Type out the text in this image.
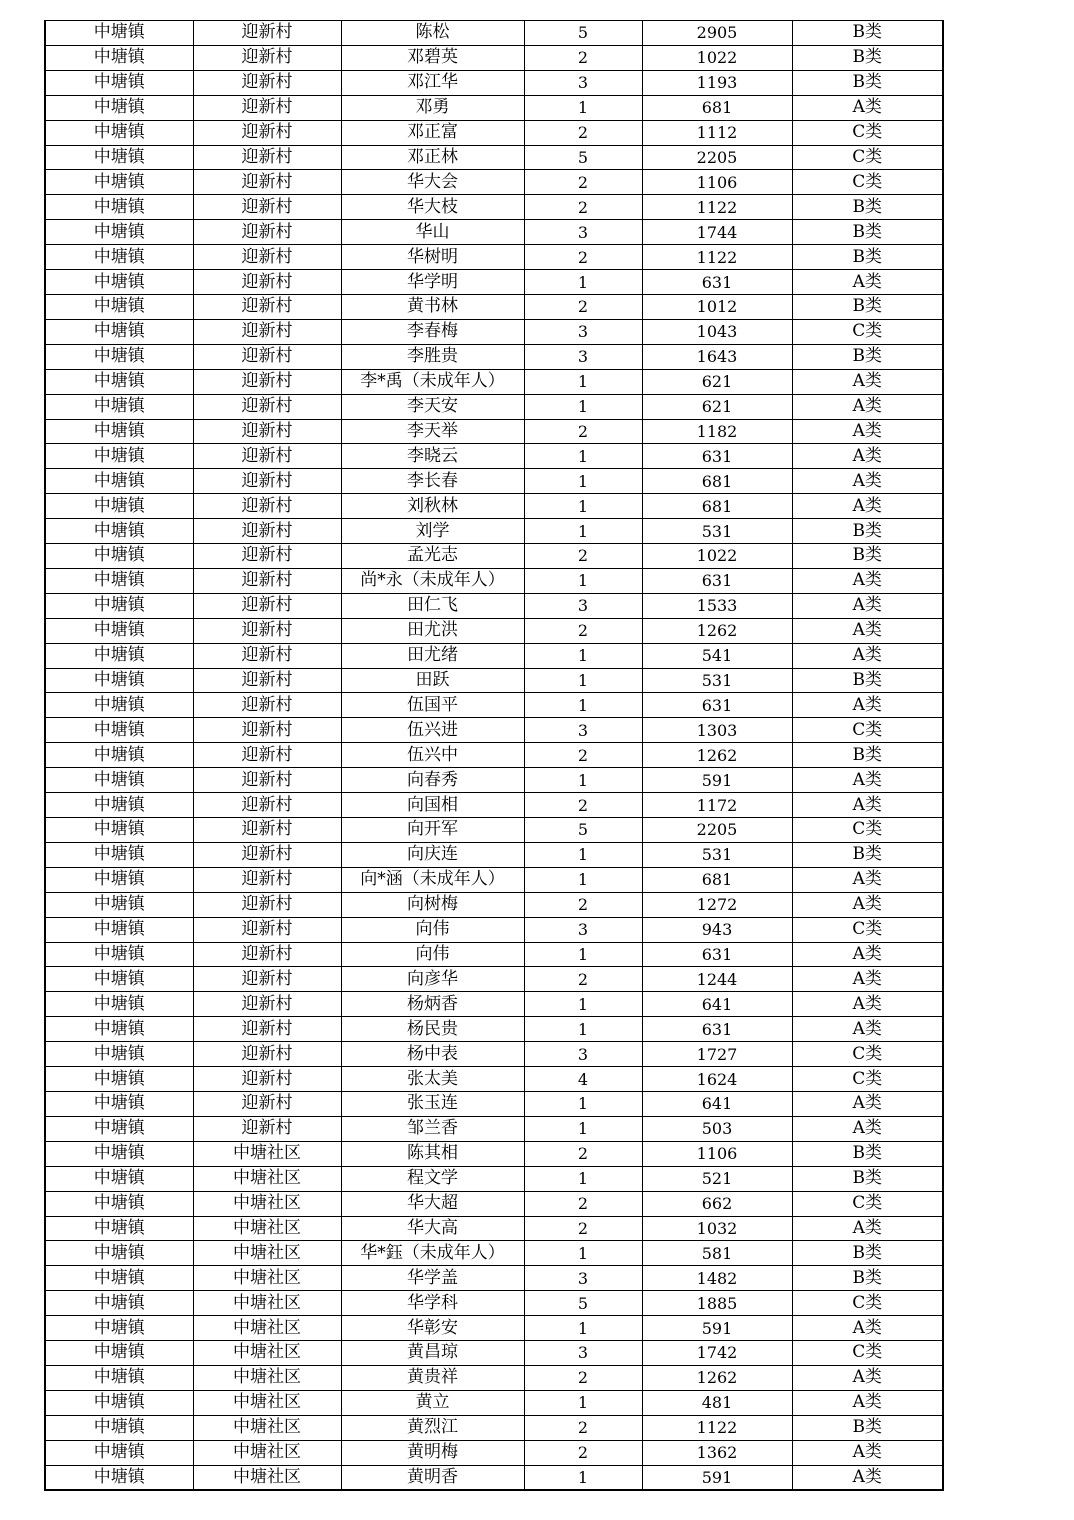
中塘镇	迎新村	陈松	5	2905	B类
中塘镇	迎新村	邓碧英	2	1022	B类
中塘镇	迎新村	邓江华	3	1193	B类
中塘镇	迎新村	邓勇	1	681	A类
中塘镇	迎新村	邓正富	2	1112	C类
中塘镇	迎新村	邓正林	5	2205	C类
中塘镇	迎新村	华大会	2	1106	C类
中塘镇	迎新村	华大枝	2	1122	B类
中塘镇	迎新村	华山	3	1744	B类
中塘镇	迎新村	华树明	2	1122	B类
中塘镇	迎新村	华学明	1	631	A类
中塘镇	迎新村	黄书林	2	1012	B类
中塘镇	迎新村	李春梅	3	1043	C类
中塘镇	迎新村	李胜贵	3	1643	B类
中塘镇	迎新村	李*禹（未成年人）	1	621	A类
中塘镇	迎新村	李天安	1	621	A类
中塘镇	迎新村	李天举	2	1182	A类
中塘镇	迎新村	李晓云	1	631	A类
中塘镇	迎新村	李长春	1	681	A类
中塘镇	迎新村	刘秋林	1	681	A类
中塘镇	迎新村	刘学	1	531	B类
中塘镇	迎新村	孟光志	2	1022	B类
中塘镇	迎新村	尚*永（未成年人）	1	631	A类
中塘镇	迎新村	田仁飞	3	1533	A类
中塘镇	迎新村	田尤洪	2	1262	A类
中塘镇	迎新村	田尤绪	1	541	A类
中塘镇	迎新村	田跃	1	531	B类
中塘镇	迎新村	伍国平	1	631	A类
中塘镇	迎新村	伍兴进	3	1303	C类
中塘镇	迎新村	伍兴中	2	1262	B类
中塘镇	迎新村	向春秀	1	591	A类
中塘镇	迎新村	向国相	2	1172	A类
中塘镇	迎新村	向开军	5	2205	C类
中塘镇	迎新村	向庆连	1	531	B类
中塘镇	迎新村	向*涵（未成年人）	1	681	A类
中塘镇	迎新村	向树梅	2	1272	A类
中塘镇	迎新村	向伟	3	943	C类
中塘镇	迎新村	向伟	1	631	A类
中塘镇	迎新村	向彦华	2	1244	A类
中塘镇	迎新村	杨炳香	1	641	A类
中塘镇	迎新村	杨民贵	1	631	A类
中塘镇	迎新村	杨中表	3	1727	C类
中塘镇	迎新村	张太美	4	1624	C类
中塘镇	迎新村	张玉连	1	641	A类
中塘镇	迎新村	邹兰香	1	503	A类
中塘镇	中塘社区	陈其相	2	1106	B类
中塘镇	中塘社区	程文学	1	521	B类
中塘镇	中塘社区	华大超	2	662	C类
中塘镇	中塘社区	华大高	2	1032	A类
中塘镇	中塘社区	华*鈺（未成年人）	1	581	B类
中塘镇	中塘社区	华学盖	3	1482	B类
中塘镇	中塘社区	华学科	5	1885	C类
中塘镇	中塘社区	华彰安	1	591	A类
中塘镇	中塘社区	黄昌琼	3	1742	C类
中塘镇	中塘社区	黄贵祥	2	1262	A类
中塘镇	中塘社区	黄立	1	481	A类
中塘镇	中塘社区	黄烈江	2	1122	B类
中塘镇	中塘社区	黄明梅	2	1362	A类
中塘镇	中塘社区	黄明香	1	591	A类
